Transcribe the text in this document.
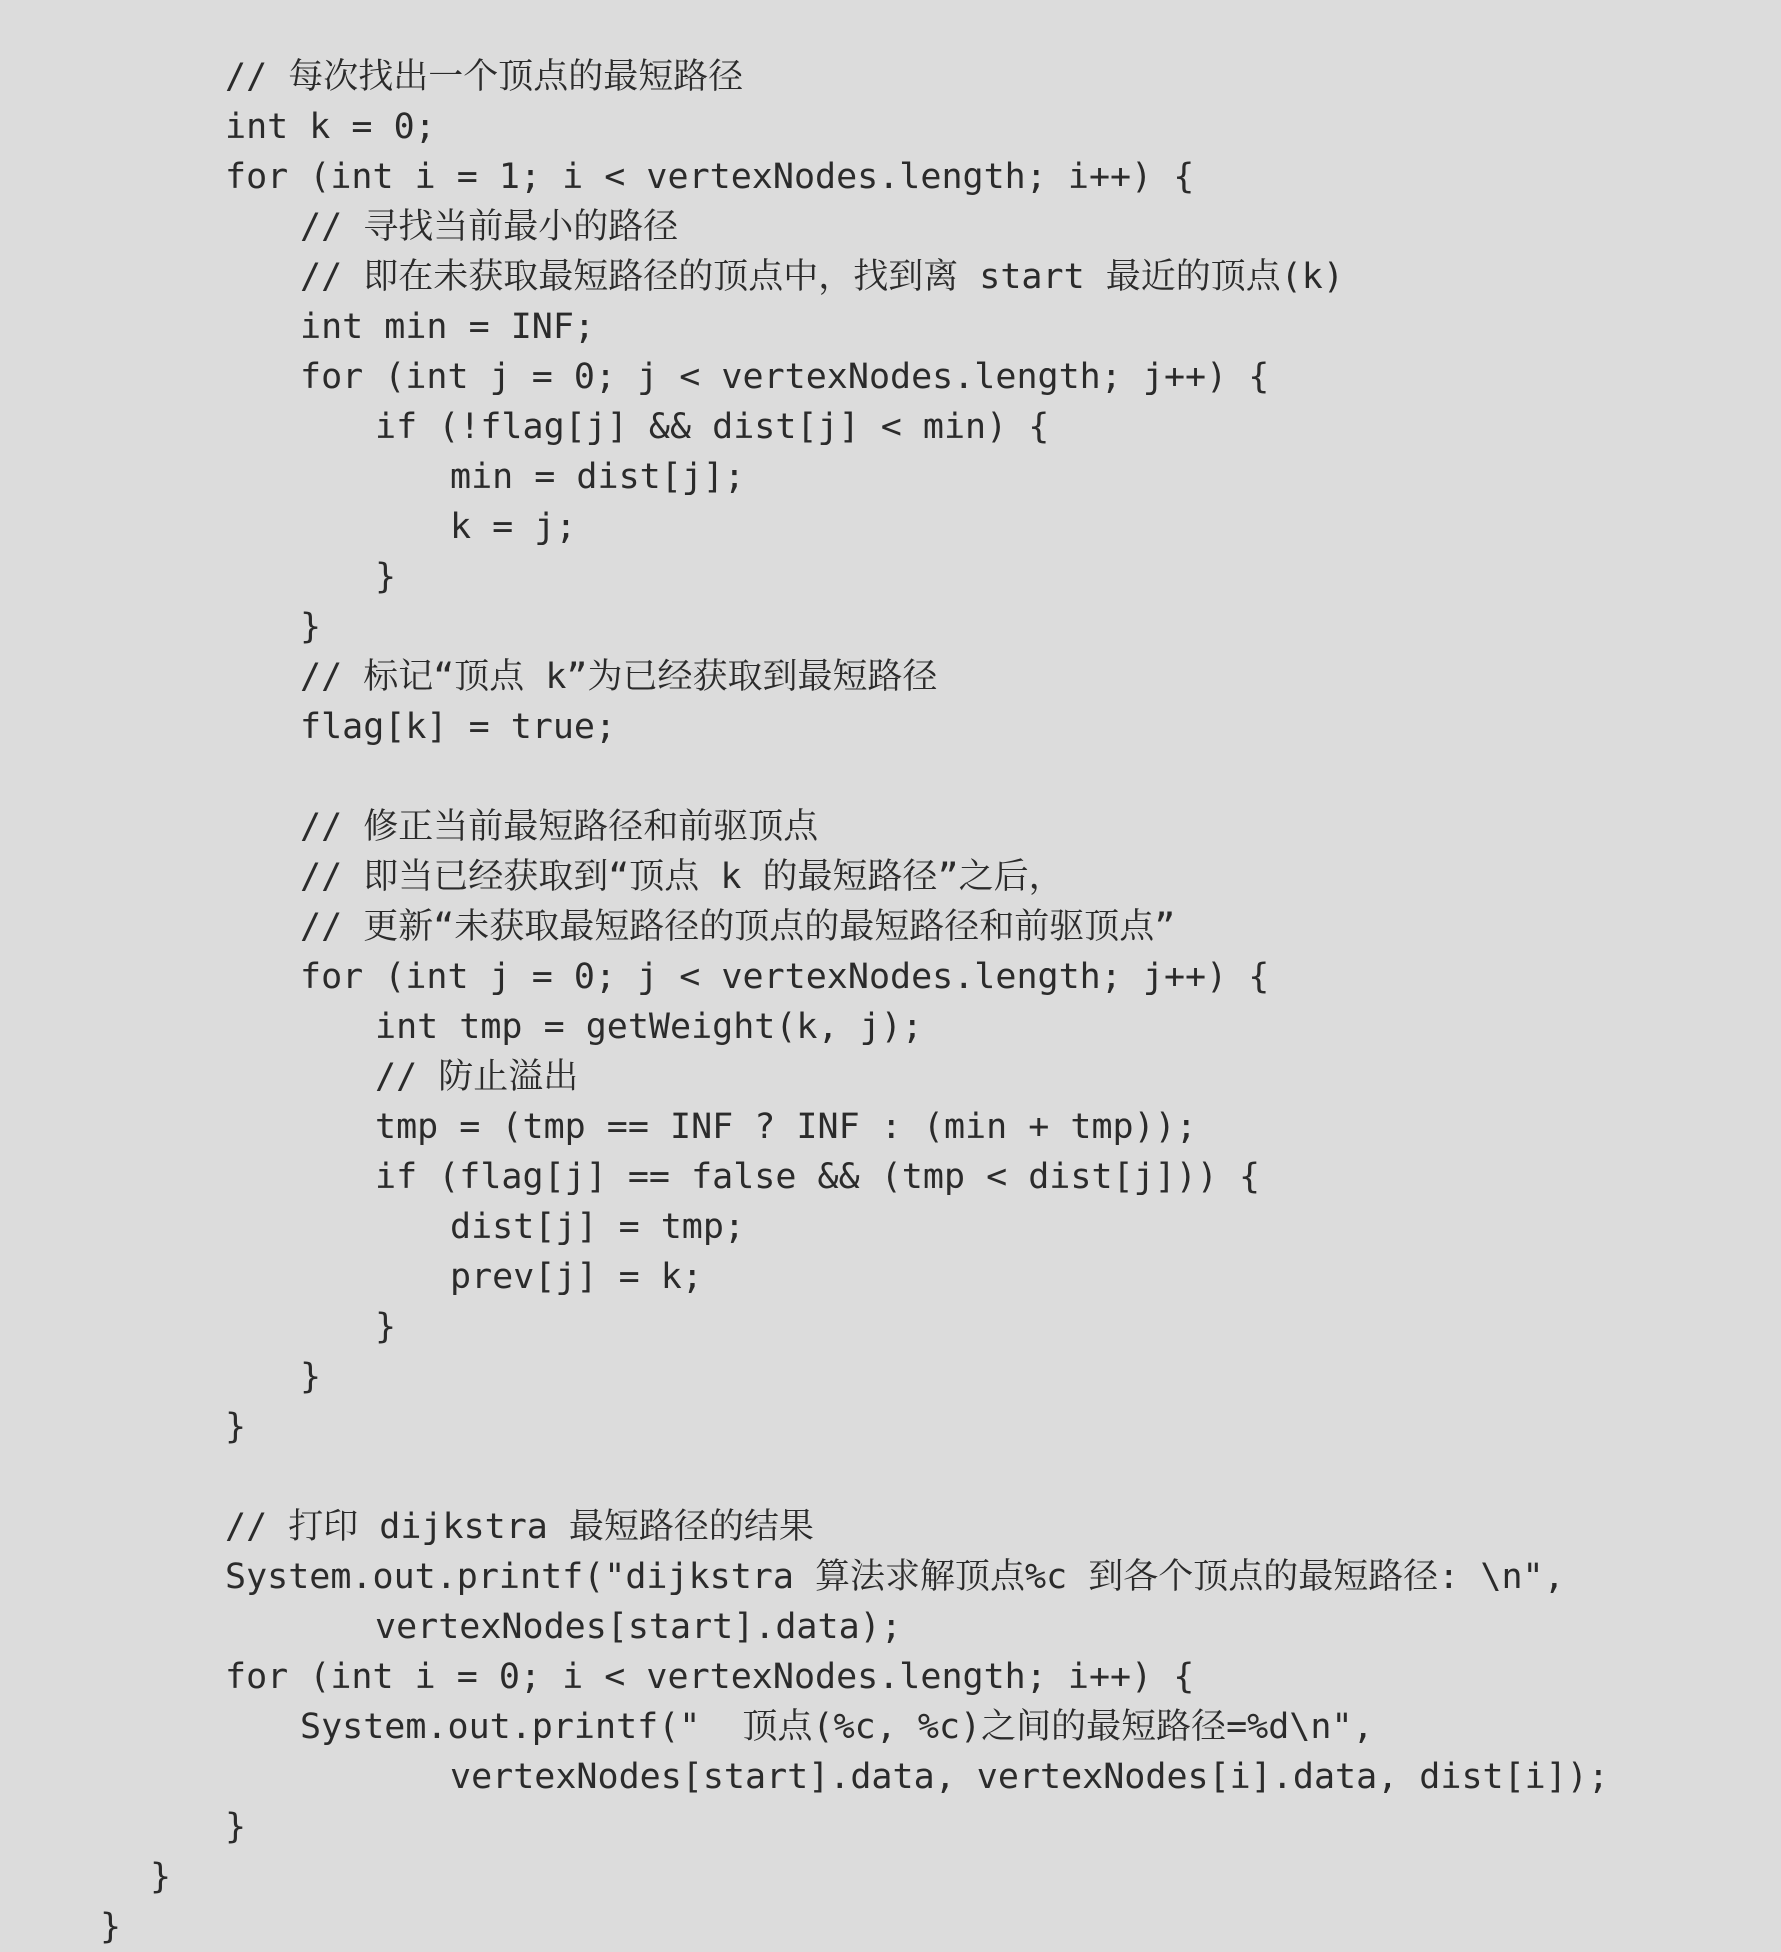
// 每次找出一个顶点的最短路径
int k = 0;
for (int i = 1; i < vertexNodes.length; i++) {
// 寻找当前最小的路径
// 即在未获取最短路径的顶点中，找到离 start 最近的顶点(k)
int min = INF;
for (int j = 0; j < vertexNodes.length; j++) {
if (!flag[j] && dist[j] < min) {
min = dist[j];
k = j;
}
}
// 标记“顶点 k”为已经获取到最短路径
flag[k] = true;
// 修正当前最短路径和前驱顶点
// 即当已经获取到“顶点 k 的最短路径”之后，
// 更新“未获取最短路径的顶点的最短路径和前驱顶点”
for (int j = 0; j < vertexNodes.length; j++) {
int tmp = getWeight(k, j);
// 防止溢出
tmp = (tmp == INF ? INF : (min + tmp));
if (flag[j] == false && (tmp < dist[j])) {
dist[j] = tmp;
prev[j] = k;
}
}
}
// 打印 dijkstra 最短路径的结果
System.out.printf("dijkstra 算法求解顶点%c 到各个顶点的最短路径: \n",
vertexNodes[start].data);
for (int i = 0; i < vertexNodes.length; i++) {
System.out.printf("  顶点(%c, %c)之间的最短路径=%d\n",
vertexNodes[start].data, vertexNodes[i].data, dist[i]);
}
}
}
